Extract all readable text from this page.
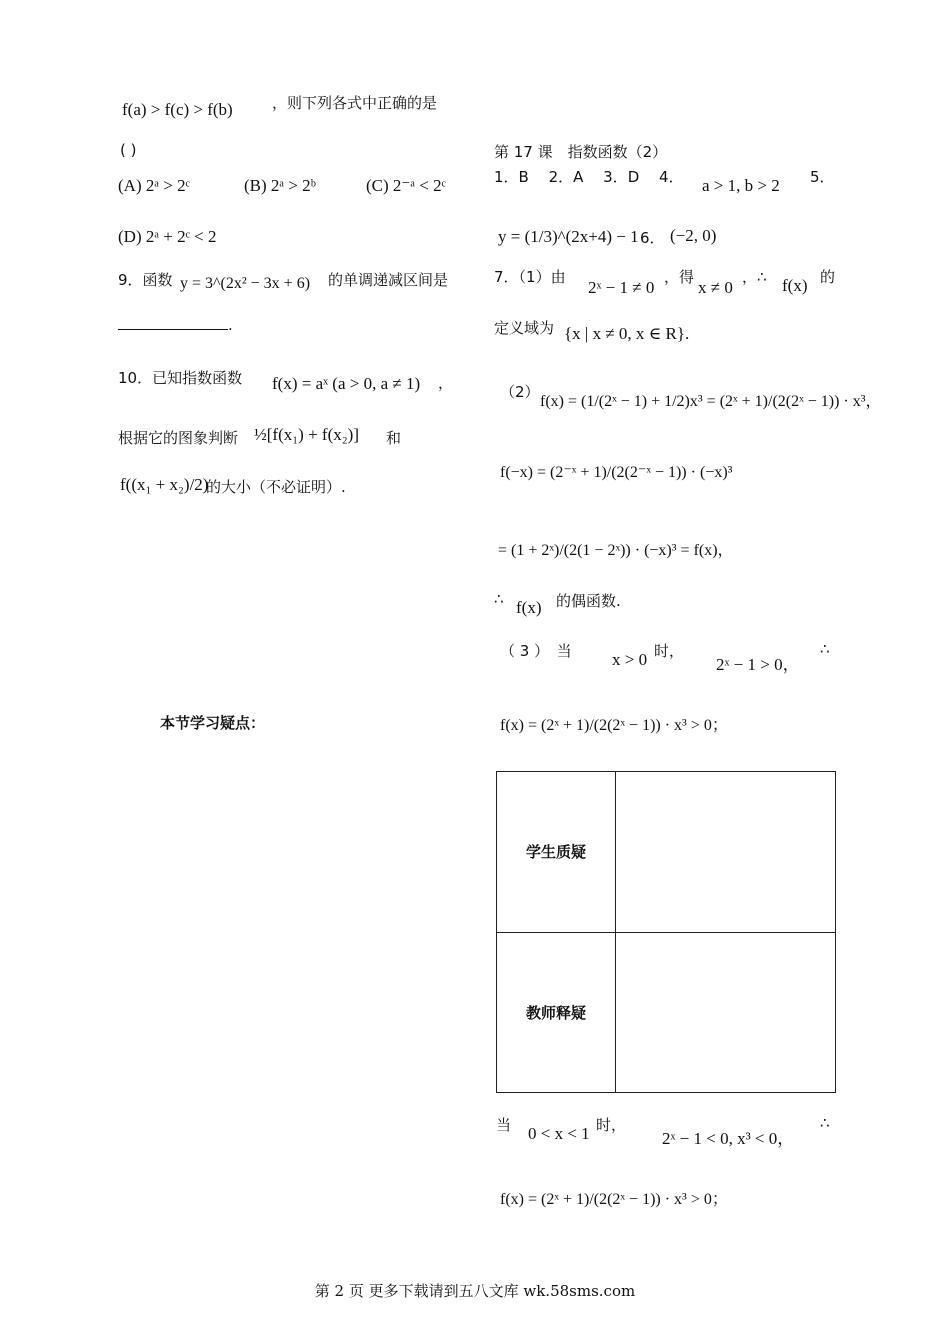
f(a) > f(c) > f(b)	，则下列各式中正确的是
( )
(A) 2ᵃ > 2ᶜ	(B) 2ᵃ > 2ᵇ	(C) 2⁻ᵃ < 2ᶜ
(D) 2ᵃ + 2ᶜ < 2
9．函数 y = 3^(2x² − 3x + 6) 的单调递减区间是
.
10．已知指数函数 f(x) = aˣ (a > 0, a ≠ 1) ，
根据它的图象判断 ½[f(x₁) + f(x₂)] 和
f((x₁ + x₂)/2)
的大小（不必证明）.
本节学习疑点：
第 17 课　指数函数（2）
1．B　 2．A　 3．D　 4． a > 1, b > 2 5．
y = (1/3)^(2x+4) − 1 6． (−2, 0)
7．（1）由
2ˣ − 1 ≠ 0
，得
x ≠ 0
，∴ f(x) 的
定义域为 {x | x ≠ 0, x ∈ R}.
（2）
f(x) = (1/(2ˣ − 1) + 1/2)x³ = (2ˣ + 1)/(2(2ˣ − 1)) · x³，
f(−x) = (2⁻ˣ + 1)/(2(2⁻ˣ − 1)) · (−x)³
= (1 + 2ˣ)/(2(1 − 2ˣ)) · (−x)³ = f(x)，
∴ f(x) 的偶函数.
（ 3 ）　当 x > 0 时，
2ˣ − 1 > 0，
∴
f(x) = (2ˣ + 1)/(2(2ˣ − 1)) · x³ > 0；
学生质疑	
教师释疑	
当 0 < x < 1 时，
2ˣ − 1 < 0, x³ < 0，
∴
f(x) = (2ˣ + 1)/(2(2ˣ − 1)) · x³ > 0；
第 2 页 更多下载请到五八文库 wk.58sms.com
